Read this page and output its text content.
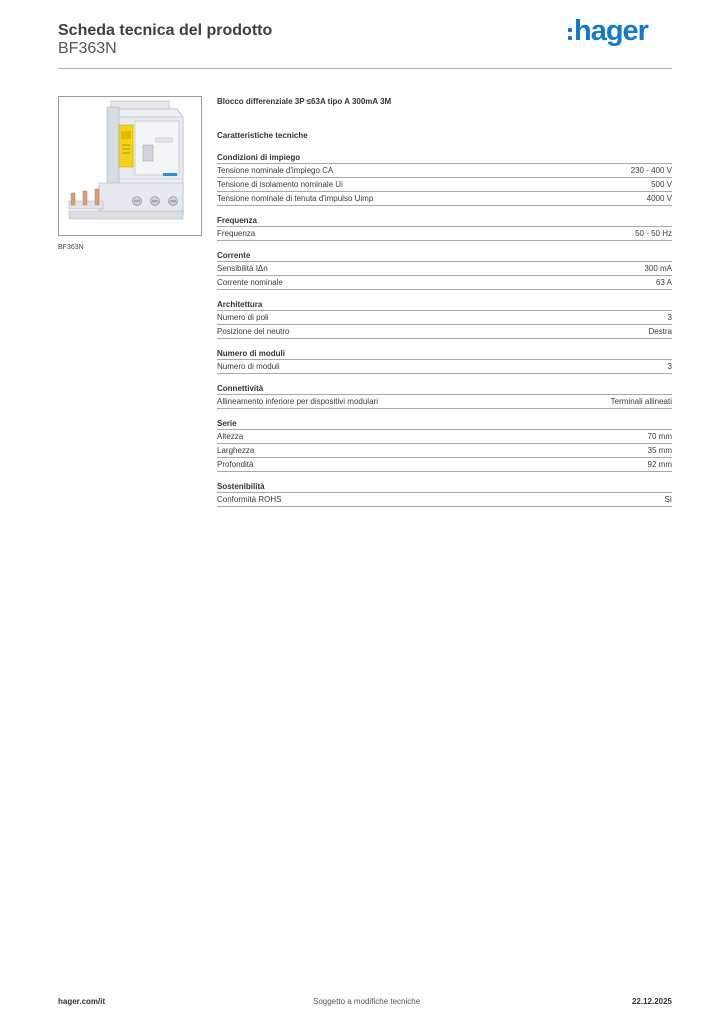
Scheda tecnica del prodotto
BF363N
hager
BF363N
Blocco differenziale 3P ≤63A tipo A 300mA 3M
Caratteristiche tecniche
Condizioni di impiego
Tensione nominale d'impiego CA	230 - 400 V
Tensione di isolamento nominale Ui	500 V
Tensione nominale di tenuta d'impulso Uimp	4000 V
Frequenza
Frequenza	50 - 50 Hz
Corrente
Sensibilità IΔn	300 mA
Corrente nominale	63 A
Architettura
Numero di poli	3
Posizione del neutro	Destra
Numero di moduli
Numero di moduli	3
Connettività
Allineamento inferiore per dispositivi modulari	Terminali allineati
Serie
Altezza	70 mm
Larghezza	35 mm
Profondità	92 mm
Sostenibilità
Conformità ROHS	Sì
hager.com/it	Soggetto a modifiche tecniche	22.12.2025
